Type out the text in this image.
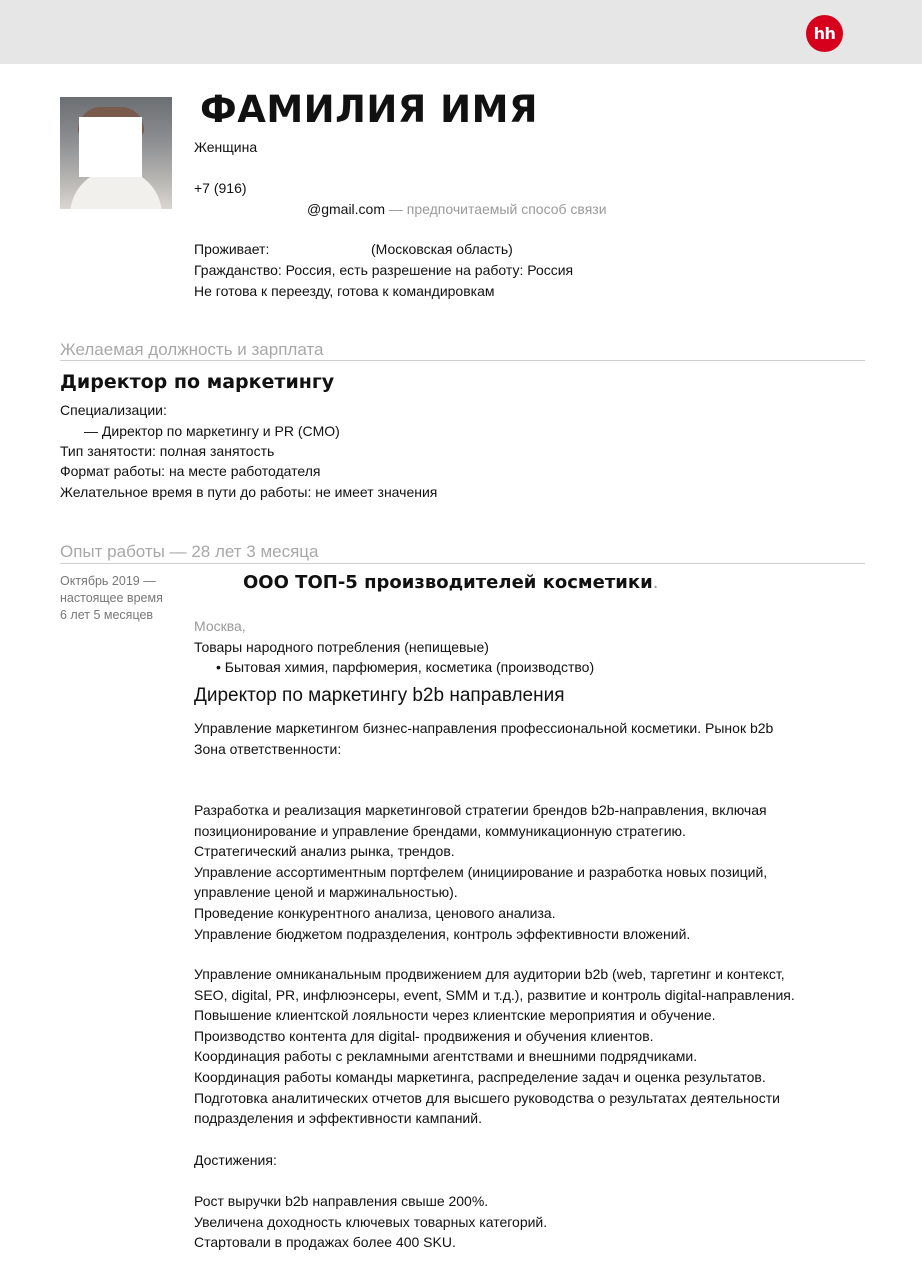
hh
ФАМИЛИЯ ИМЯ
Женщина
+7 (916)
@gmail.com — предпочитаемый способ связи
Проживает:	(Московская область)
Гражданство: Россия, есть разрешение на работу: Россия
Не готова к переезду, готова к командировкам
Желаемая должность и зарплата
Директор по маркетингу
Специализации:
— Директор по маркетингу и PR (CMO)
Тип занятости: полная занятость
Формат работы: на месте работодателя
Желательное время в пути до работы: не имеет значения
Опыт работы — 28 лет 3 месяца
Октябрь 2019 —
настоящее время
6 лет 5 месяцев
ООО ТОП-5 производителей косметики.
Москва,
Товары народного потребления (непищевые)
• Бытовая химия, парфюмерия, косметика (производство)
Директор по маркетингу b2b направления
Управление маркетингом бизнес-направления профессиональной косметики. Рынок b2b
Зона ответственности:
Разработка и реализация маркетинговой стратегии брендов b2b-направления, включая
позиционирование и управление брендами, коммуникационную стратегию.
Стратегический анализ рынка, трендов.
Управление ассортиментным портфелем (инициирование и разработка новых позиций,
управление ценой и маржинальностью).
Проведение конкурентного анализа, ценового анализа.
Управление бюджетом подразделения, контроль эффективности вложений.
Управление омниканальным продвижением для аудитории b2b (web, таргетинг и контекст,
SEO, digital, PR, инфлюэнсеры, event, SMM и т.д.), развитие и контроль digital-направления.
Повышение клиентской лояльности через клиентские мероприятия и обучение.
Производство контента для digital- продвижения и обучения клиентов.
Координация работы с рекламными агентствами и внешними подрядчиками.
Координация работы команды маркетинга, распределение задач и оценка результатов.
Подготовка аналитических отчетов для высшего руководства о результатах деятельности
подразделения и эффективности кампаний.
Достижения:
Рост выручки b2b направления свыше 200%.
Увеличена доходность ключевых товарных категорий.
Стартовали в продажах более 400 SKU.
